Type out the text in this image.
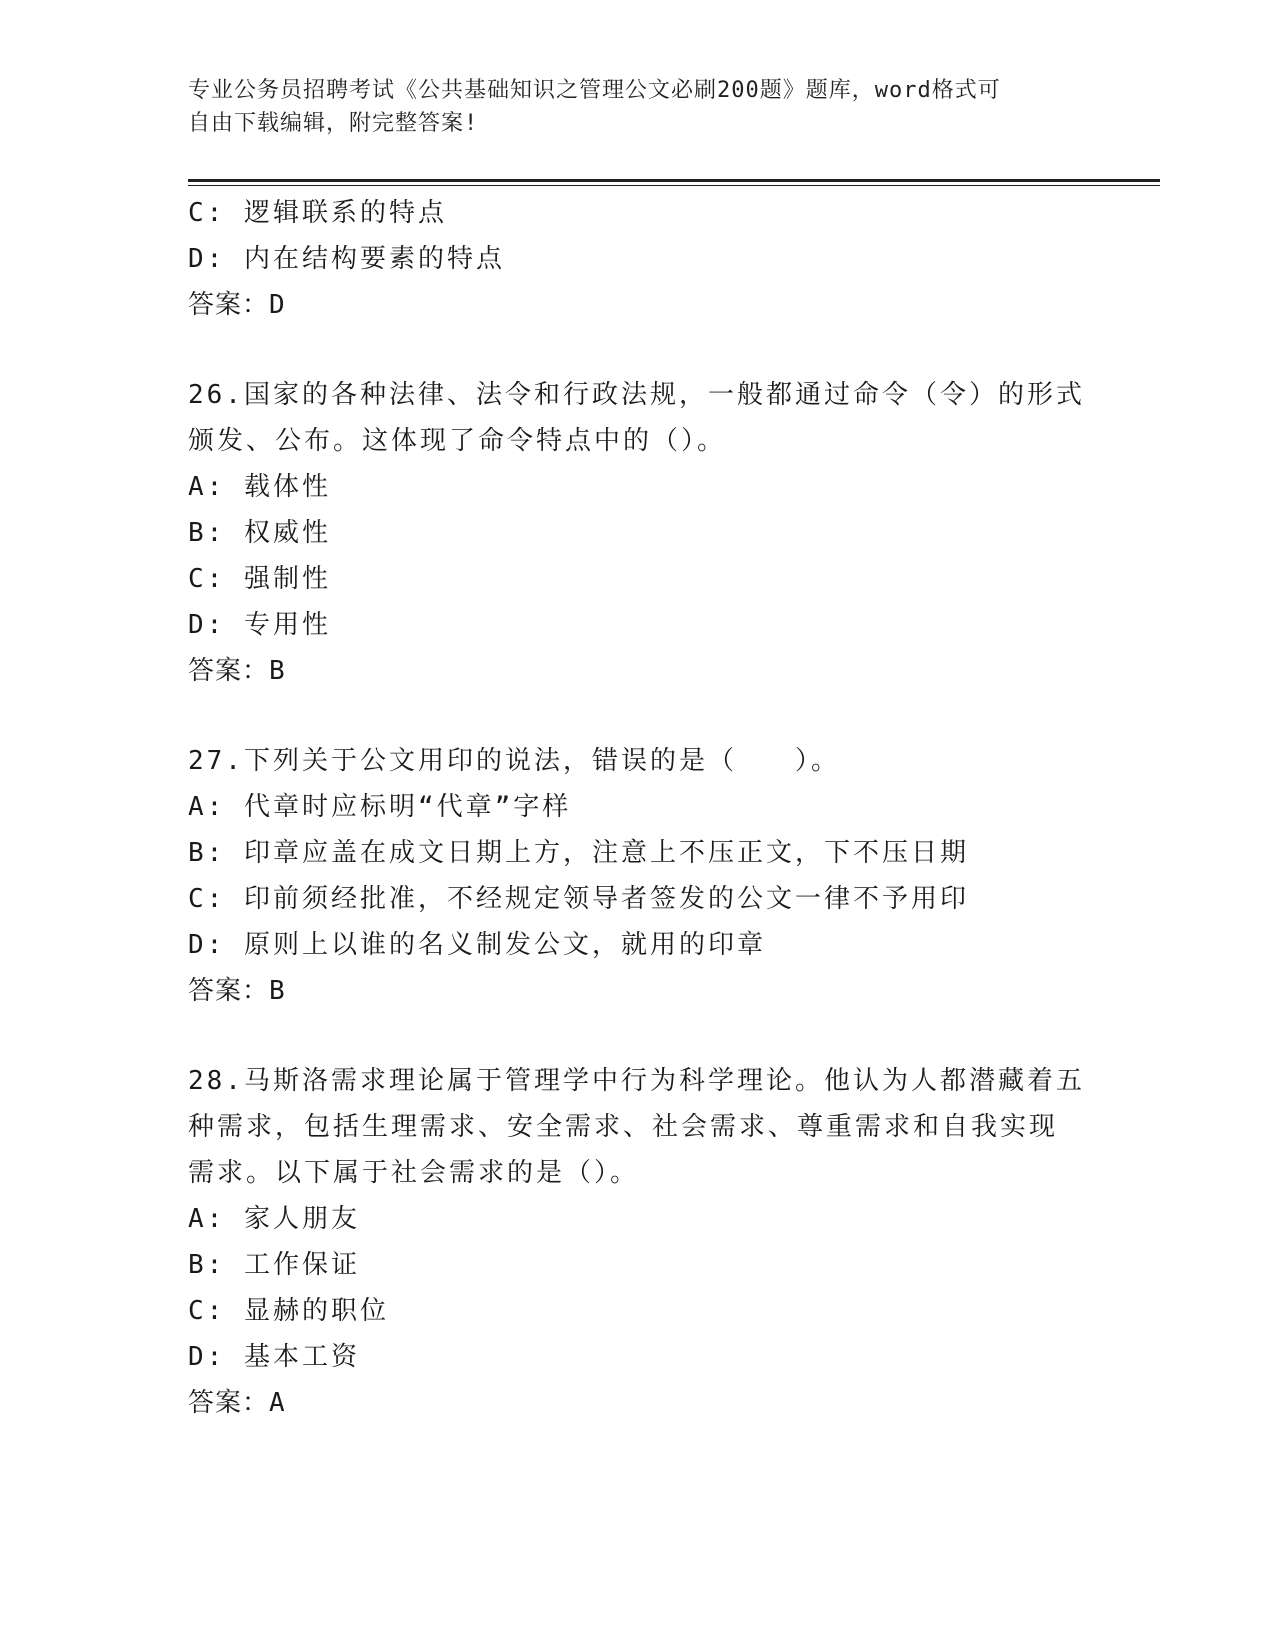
专业公务员招聘考试《公共基础知识之管理公文必刷200题》题库，word格式可
自由下载编辑，附完整答案!
C: 逻辑联系的特点
D: 内在结构要素的特点
答案：D
26.国家的各种法律、法令和行政法规，一般都通过命令（令）的形式
颁发、公布。这体现了命令特点中的（）。
A: 载体性
B: 权威性
C: 强制性
D: 专用性
答案：B
27.下列关于公文用印的说法，错误的是（　　）。
A: 代章时应标明“代章”字样
B: 印章应盖在成文日期上方，注意上不压正文，下不压日期
C: 印前须经批准，不经规定领导者签发的公文一律不予用印
D: 原则上以谁的名义制发公文，就用的印章
答案：B
28.马斯洛需求理论属于管理学中行为科学理论。他认为人都潜藏着五
种需求，包括生理需求、安全需求、社会需求、尊重需求和自我实现
需求。以下属于社会需求的是（）。
A: 家人朋友
B: 工作保证
C: 显赫的职位
D: 基本工资
答案：A
